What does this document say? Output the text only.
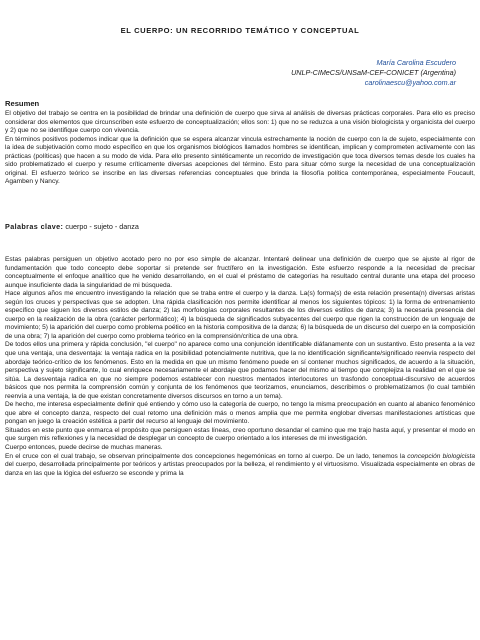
EL CUERPO: UN RECORRIDO TEMÁTICO Y CONCEPTUAL
María Carolina Escudero
UNLP-CIMeCS/UNSaM-CEF-CONICET (Argentina)
carolinaescu@yahoo.com.ar
Resumen

El objetivo del trabajo se centra en la posibilidad de brindar una definición de cuerpo que sirva al análisis de diversas prácticas corporales. Para ello es preciso considerar dos elementos que circunscriben este esfuerzo de conceptualización; ellos son: 1) que no se reduzca a una visión biologicista y organicista del cuerpo y 2) que no se identifique cuerpo con vivencia.

En términos positivos podemos indicar que la definición que se espera alcanzar vincula estrechamente la noción de cuerpo con la de sujeto, especialmente con la idea de subjetivación como modo específico en que los organismos biológicos llamados hombres se identifican, implican y comprometen activamente con las prácticas (políticas) que hacen a su modo de vida. Para ello presento sintéticamente un recorrido de investigación que toca diversos temas desde los cuales ha sido problematizado el cuerpo y resume críticamente diversas acepciones del término. Esto para situar cómo surge la necesidad de una conceptualización original. El esfuerzo teórico se inscribe en las diversas referencias conceptuales que brinda la filosofía política contemporánea, especialmente Foucault, Agamben y Nancy.

Palabras clave: cuerpo - sujeto - danza

Estas palabras persiguen un objetivo acotado pero no por eso simple de alcanzar. Intentaré delinear una definición de cuerpo que se ajuste al rigor de fundamentación que todo concepto debe soportar si pretende ser fructífero en la investigación. Este esfuerzo responde a la necesidad de precisar conceptualmente el enfoque analítico que he venido desarrollando, en el cual el préstamo de categorías ha resultado central durante una etapa del proceso aunque insuficiente dada la singularidad de mi búsqueda.

Hace algunos años me encuentro investigando la relación que se traba entre el cuerpo y la danza. La(s) forma(s) de esta relación presenta(n) diversas aristas según los cruces y perspectivas que se adopten. Una rápida clasificación nos permite identificar al menos los siguientes tópicos: 1) la forma de entrenamiento específico que siguen los diversos estilos de danza; 2) las morfologías corporales resultantes de los diversos estilos de danza; 3) la necesaria presencia del cuerpo en la realización de la obra (carácter performático); 4) la búsqueda de significados subyacentes del cuerpo que rigen la construcción de un lenguaje de movimiento; 5) la aparición del cuerpo como problema poético en la historia compositiva de la danza; 6) la búsqueda de un discurso del cuerpo en la composición de una obra; 7) la aparición del cuerpo como problema teórico en la comprensión/crítica de una obra.

De todos ellos una primera y rápida conclusión, "el cuerpo" no aparece como una conjunción identificable diáfanamente con un sustantivo. Esto presenta a la vez que una ventaja, una desventaja: la ventaja radica en la posibilidad potencialmente nutritiva, que la no identificación significante/significado reenvía respecto del abordaje teórico-crítico de los fenómenos. Esto en la medida en que un mismo fenómeno puede en sí contener muchos significados, de acuerdo a la situación, perspectiva y sujeto significante, lo cual enriquece necesariamente el abordaje que podamos hacer del mismo al tiempo que complejiza la realidad en el que se sitúa. La desventaja radica en que no siempre podemos establecer con nuestros mentados interlocutores un trasfondo conceptual-discursivo de acuerdos básicos que nos permita la comprensión común y conjunta de los fenómenos que teorizamos, enunciamos, describimos o problematizamos (lo cual también reenvía a una ventaja, la de que existan concretamente diversos discursos en torno a un tema).

De hecho, me interesa especialmente definir qué entiendo y cómo uso la categoría de cuerpo, no tengo la misma preocupación en cuanto al abanico fenoménico que abre el concepto danza, respecto del cual retomo una definición más o menos amplia que me permita englobar diversas manifestaciones artísticas que pongan en juego la creación estética a partir del recurso al lenguaje del movimiento.

Situados en este punto que enmarca el propósito que persiguen estas líneas, creo oportuno desandar el camino que me trajo hasta aquí, y presentar el modo en que surgen mis reflexiones y la necesidad de desplegar un concepto de cuerpo orientado a los intereses de mi investigación.

Cuerpo entonces, puede decirse de muchas maneras.

En el cruce con el cual trabajo, se observan principalmente dos concepciones hegemónicas en torno al cuerpo. De un lado, tenemos la concepción biologicista del cuerpo, desarrollada principalmente por teóricos y artistas preocupados por la belleza, el rendimiento y el virtuosismo. Visualizada especialmente en obras de danza en las que la lógica del esfuerzo se esconde y prima la
